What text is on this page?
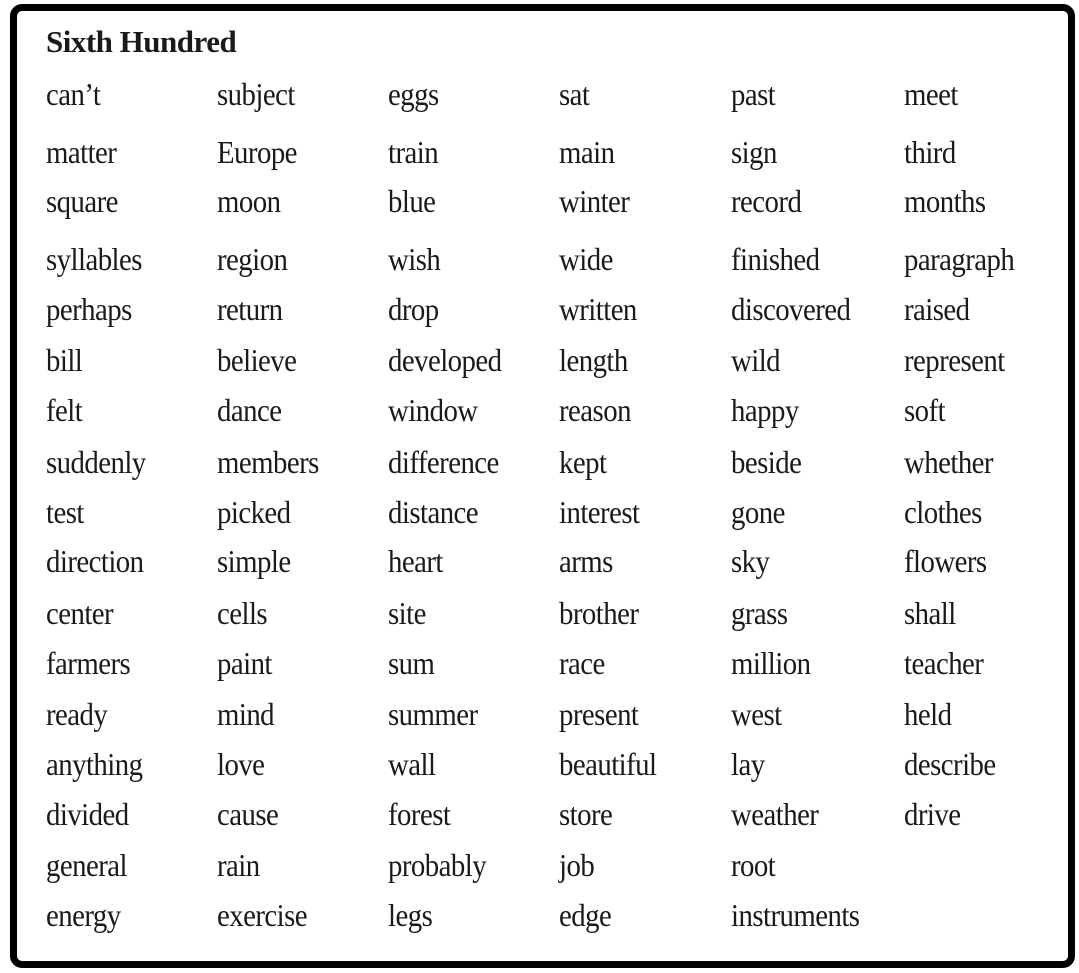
Sixth Hundred
can’t
matter
square
syllables
perhaps
bill
felt
suddenly
test
direction
center
farmers
ready
anything
divided
general
energy
subject
Europe
moon
region
return
believe
dance
members
picked
simple
cells
paint
mind
love
cause
rain
exercise
eggs
train
blue
wish
drop
developed
window
difference
distance
heart
site
sum
summer
wall
forest
probably
legs
sat
main
winter
wide
written
length
reason
kept
interest
arms
brother
race
present
beautiful
store
job
edge
past
sign
record
finished
discovered
wild
happy
beside
gone
sky
grass
million
west
lay
weather
root
instruments
meet
third
months
paragraph
raised
represent
soft
whether
clothes
flowers
shall
teacher
held
describe
drive
